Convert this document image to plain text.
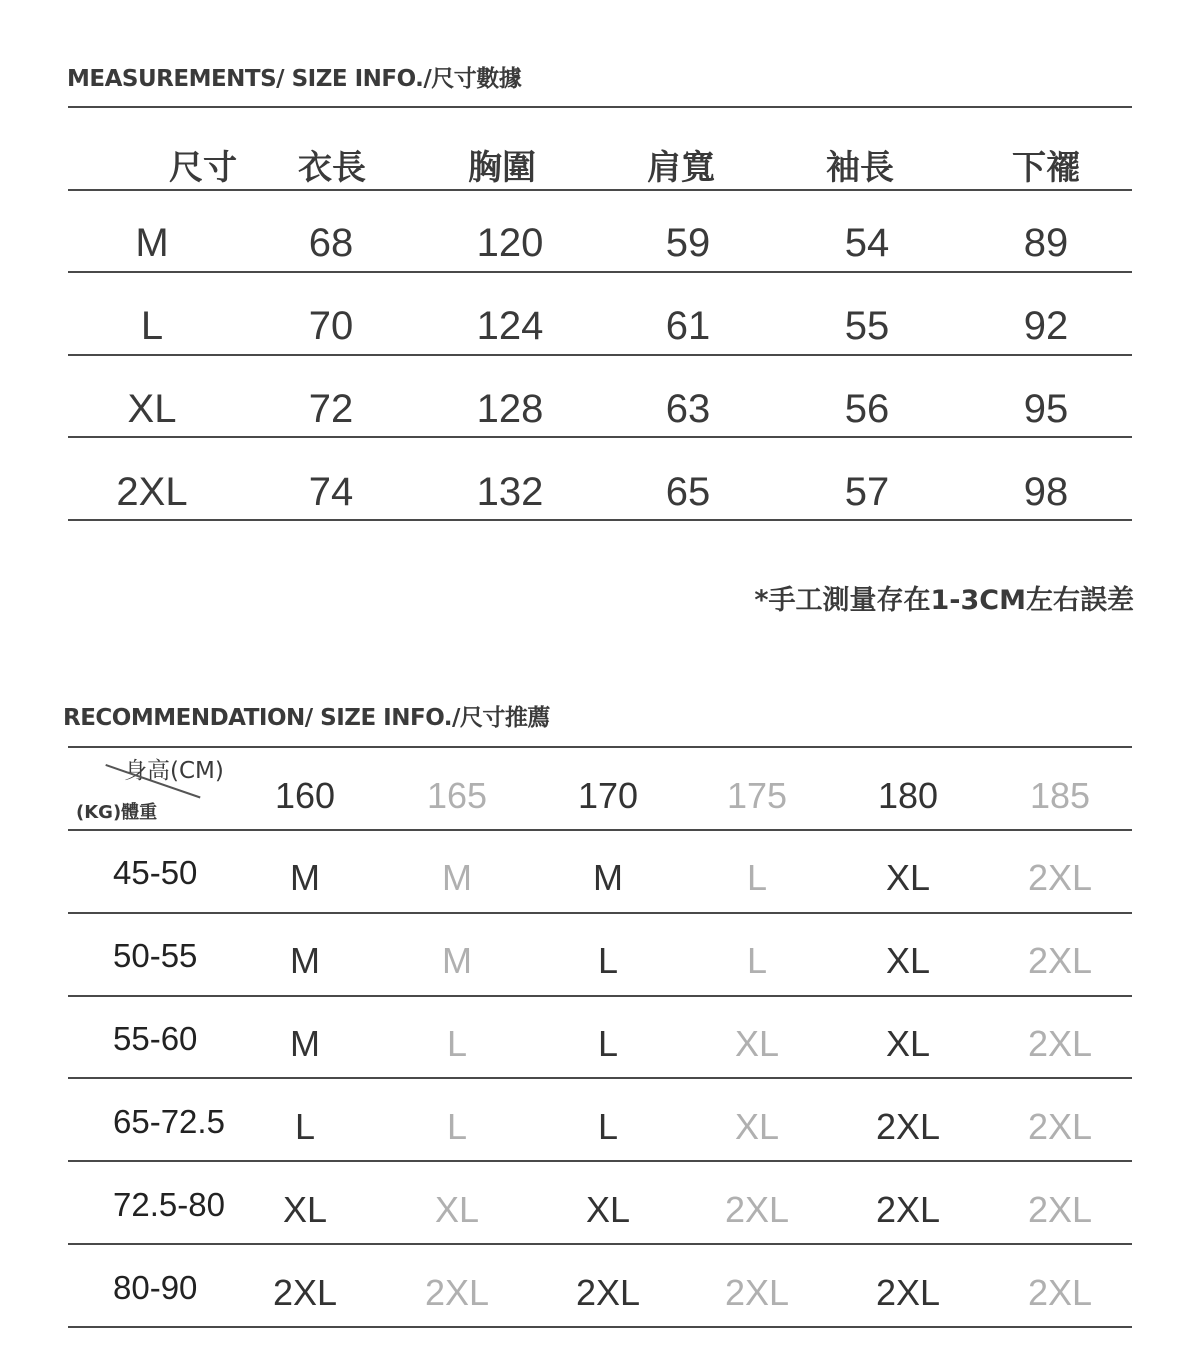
MEASUREMENTS/ SIZE INFO./尺寸數據
尺寸 衣長	胸圍	肩寬	袖長	下襬
M	68	120	59	54	89
L	70	124	61	55	92
XL	72	128	63	56	95
2XL	74	132	65	57	98
*手工測量存在1-3CM左右誤差
RECOMMENDATION/ SIZE INFO./尺寸推薦
身高(CM)
(KG)體重	160	165	170 175	180	185
45-50	M	M	M	L	XL	2XL
50-55	M	M	L	L	XL	2XL
55-60	M	L	L	XL	XL	2XL
65-72.5 L	L	L	XL	2XL 2XL
72.5-80 XL	XL	XL	2XL 2XL 2XL
80-90 2XL 2XL 2XL 2XL 2XL 2XL
